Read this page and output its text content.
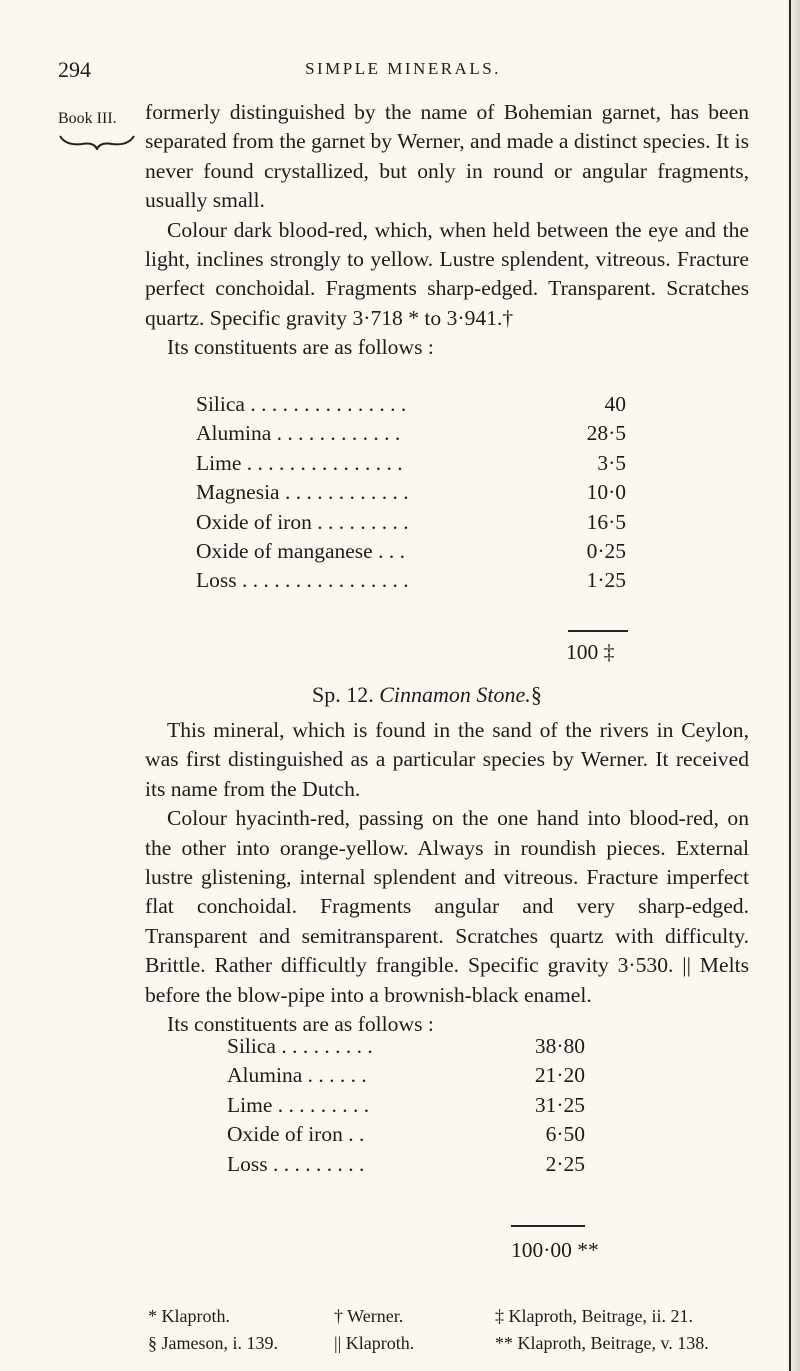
294	SIMPLE MINERALS.
Book III. formerly distinguished by the name of Bohemian garnet, has been separated from the garnet by Werner, and made a distinct species. It is never found crystallized, but only in round or angular fragments, usually small.

Colour dark blood-red, which, when held between the eye and the light, inclines strongly to yellow. Lustre splendent, vitreous. Fracture perfect conchoidal. Fragments sharp-edged. Transparent. Scratches quartz. Specific gravity 3·718 * to 3·941.†

Its constituents are as follows :

Silica . . . . . . . . . . . . . . .	40
Alumina . . . . . . . . . . . .	28·5
Lime . . . . . . . . . . . . . . .	3·5
Magnesia . . . . . . . . . . . .	10·0
Oxide of iron . . . . . . . . .	16·5
Oxide of manganese . . .	0·25
Loss . . . . . . . . . . . . . . . .	1·25
100 ‡
Sp. 12. Cinnamon Stone.§

This mineral, which is found in the sand of the rivers in Ceylon, was first distinguished as a particular species by Werner. It received its name from the Dutch.

Colour hyacinth-red, passing on the one hand into blood-red, on the other into orange-yellow. Always in roundish pieces. External lustre glistening, internal splendent and vitreous. Fracture imperfect flat conchoidal. Fragments angular and very sharp-edged. Transparent and semitransparent. Scratches quartz with difficulty. Brittle. Rather difficultly frangible. Specific gravity 3·530. || Melts before the blow-pipe into a brownish-black enamel.

Its constituents are as follows :

Silica . . . . . . . . .	38·80
Alumina . . . . . .	21·20
Lime . . . . . . . . .	31·25
Oxide of iron . .	6·50
Loss . . . . . . . . .	2·25
100·00 **
* Klaproth.	† Werner.	‡ Klaproth, Beitrage, ii. 21.
§ Jameson, i. 139.	|| Klaproth.	** Klaproth, Beitrage, v. 138.
